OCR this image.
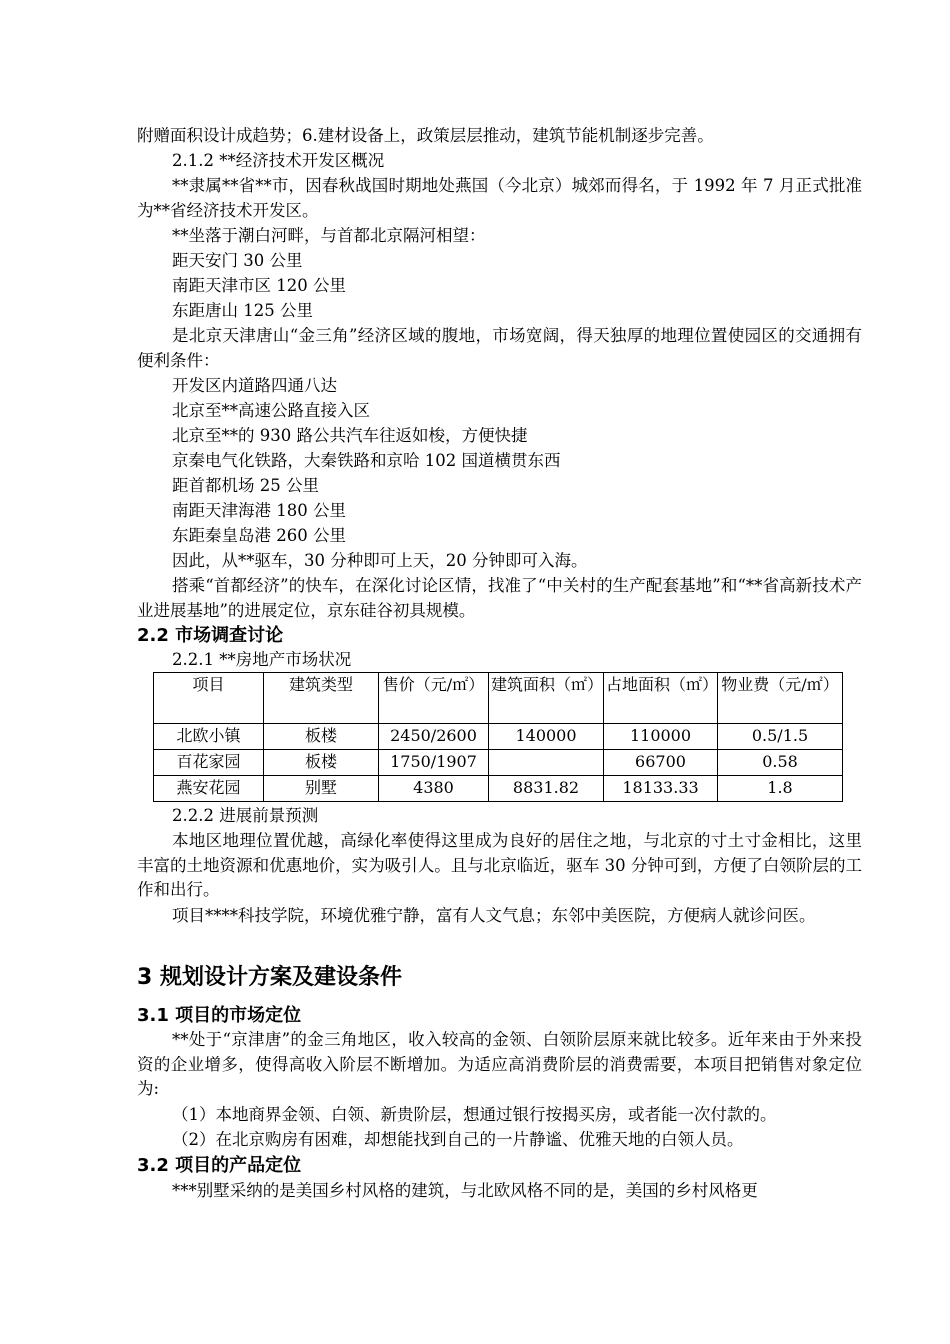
附赠面积设计成趋势；6.建材设备上，政策层层推动，建筑节能机制逐步完善。

2.1.2 **经济技术开发区概况

**隶属**省**市，因春秋战国时期地处燕国（今北京）城郊而得名，于 1992 年 7 月正式批准为**省经济技术开发区。

**坐落于潮白河畔，与首都北京隔河相望：

距天安门 30 公里

南距天津市区 120 公里

东距唐山 125 公里

是北京天津唐山“金三角”经济区域的腹地，市场宽阔，得天独厚的地理位置使园区的交通拥有便利条件：

开发区内道路四通八达

北京至**高速公路直接入区

北京至**的 930 路公共汽车往返如梭，方便快捷

京秦电气化铁路，大秦铁路和京哈 102 国道横贯东西

距首都机场 25 公里

南距天津海港 180 公里

东距秦皇岛港 260 公里

因此，从**驱车，30 分种即可上天，20 分钟即可入海。

搭乘“首都经济”的快车，在深化讨论区情，找准了“中关村的生产配套基地”和“**省高新技术产业进展基地”的进展定位，京东硅谷初具规模。

2.2 市场调查讨论

2.2.1 **房地产市场状况

项目	建筑类型	售价（元/㎡）	建筑面积（㎡）	占地面积（㎡）	物业费（元/㎡）
北欧小镇	板楼	2450/2600	140000	110000	0.5/1.5
百花家园	板楼	1750/1907		66700	0.58
燕安花园	别墅	4380	8831.82	18133.33	1.8

2.2.2 进展前景预测

本地区地理位置优越，高绿化率使得这里成为良好的居住之地，与北京的寸土寸金相比，这里丰富的土地资源和优惠地价，实为吸引人。且与北京临近，驱车 30 分钟可到，方便了白领阶层的工作和出行。

项目****科技学院，环境优雅宁静，富有人文气息；东邻中美医院，方便病人就诊问医。

3 规划设计方案及建设条件
3.1 项目的市场定位

**处于“京津唐”的金三角地区，收入较高的金领、白领阶层原来就比较多。近年来由于外来投资的企业增多，使得高收入阶层不断增加。为适应高消费阶层的消费需要，本项目把销售对象定位为:

（1）本地商界金领、白领、新贵阶层，想通过银行按揭买房，或者能一次付款的。

（2）在北京购房有困难，却想能找到自己的一片静谧、优雅天地的白领人员。

3.2 项目的产品定位

***别墅采纳的是美国乡村风格的建筑，与北欧风格不同的是，美国的乡村风格更
